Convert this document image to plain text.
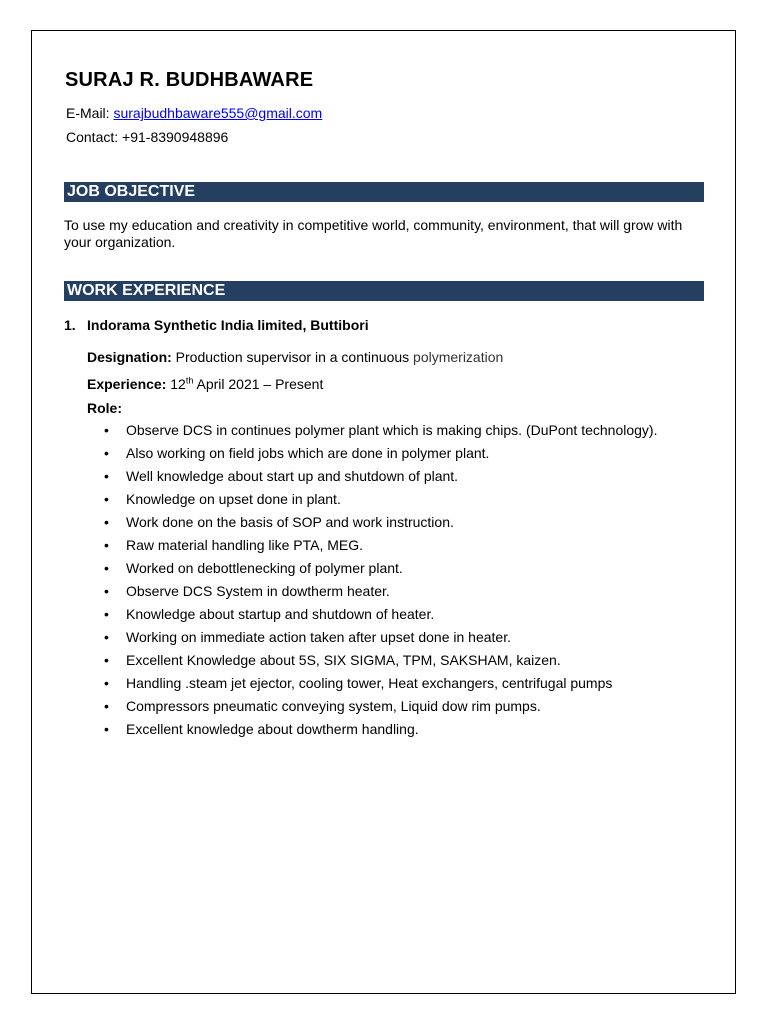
SURAJ R. BUDHBAWARE
E-Mail: surajbudhbaware555@gmail.com
Contact: +91-8390948896
JOB OBJECTIVE

To use my education and creativity in competitive world, community, environment, that will grow with your organization.

WORK EXPERIENCE
1. Indorama Synthetic India limited, Buttibori
Designation: Production supervisor in a continuous polymerization
Experience: 12th April 2021 – Present
Role:
• Observe DCS in continues polymer plant which is making chips. (DuPont technology).
• Also working on field jobs which are done in polymer plant.
• Well knowledge about start up and shutdown of plant.
• Knowledge on upset done in plant.
• Work done on the basis of SOP and work instruction.
• Raw material handling like PTA, MEG.
• Worked on debottlenecking of polymer plant.
• Observe DCS System in dowtherm heater.
• Knowledge about startup and shutdown of heater.
• Working on immediate action taken after upset done in heater.
• Excellent Knowledge about 5S, SIX SIGMA, TPM, SAKSHAM, kaizen.
• Handling .steam jet ejector, cooling tower, Heat exchangers, centrifugal pumps
• Compressors pneumatic conveying system, Liquid dow rim pumps.
• Excellent knowledge about dowtherm handling.
